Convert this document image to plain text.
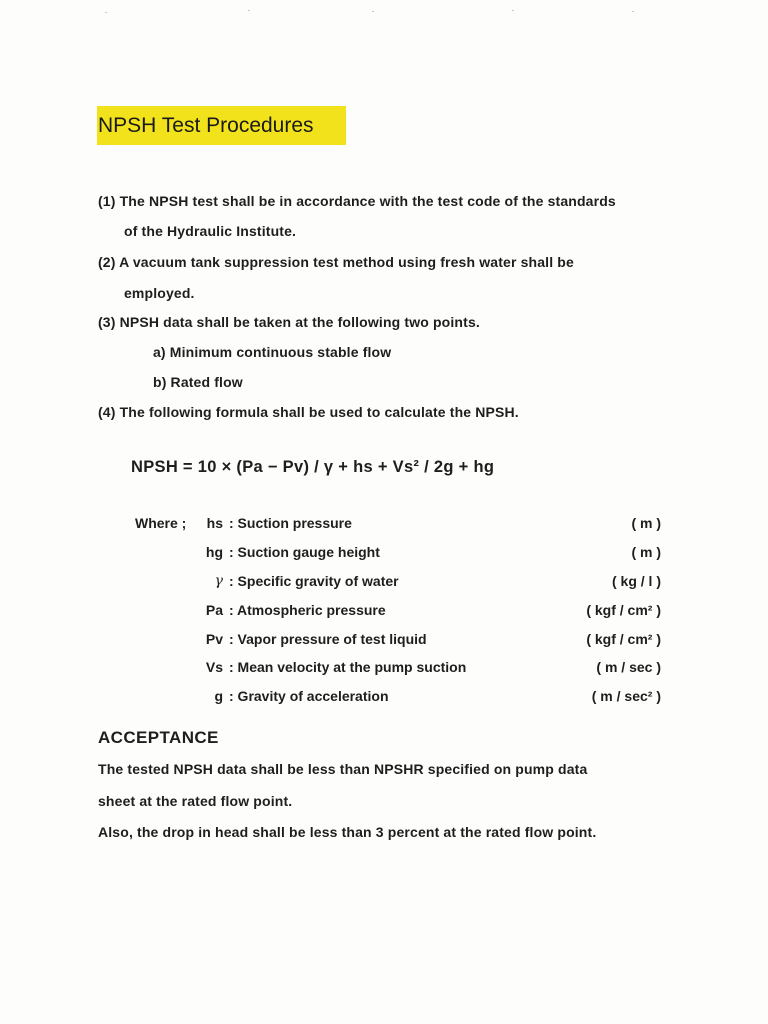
NPSH Test Procedures
(1) The NPSH test shall be in accordance with the test code of the standards
of the Hydraulic Institute.
(2) A vacuum tank suppression test method using fresh water shall be
employed.
(3) NPSH data shall be taken at the following two points.
a) Minimum continuous stable flow
b) Rated flow
(4) The following formula shall be used to calculate the NPSH.
NPSH = 10 × (Pa − Pv) / γ + hs + Vs² / 2g + hg
Where ;	hs : Suction pressure	( m )
hg : Suction gauge height	( m )
γ : Specific gravity of water	( kg / l )
Pa : Atmospheric pressure	( kgf / cm² )
Pv : Vapor pressure of test liquid	( kgf / cm² )
Vs : Mean velocity at the pump suction	( m / sec )
g : Gravity of acceleration	( m / sec² )
ACCEPTANCE
The tested NPSH data shall be less than NPSHR specified on pump data
sheet at the rated flow point.
Also, the drop in head shall be less than 3 percent at the rated flow point.
